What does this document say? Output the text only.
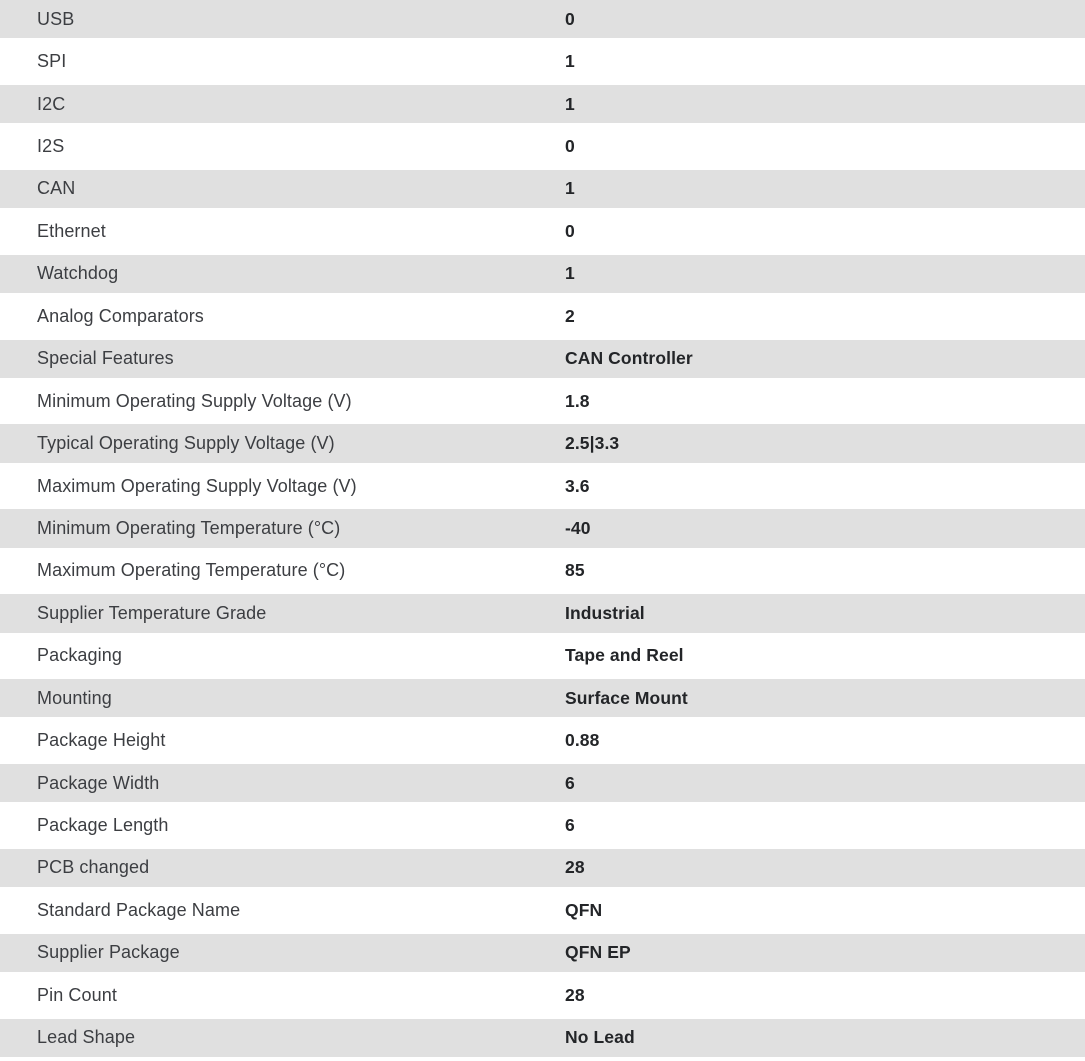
USB	0
SPI	1
I2C	1
I2S	0
CAN	1
Ethernet	0
Watchdog	1
Analog Comparators	2
Special Features	CAN Controller
Minimum Operating Supply Voltage (V)	1.8
Typical Operating Supply Voltage (V)	2.5|3.3
Maximum Operating Supply Voltage (V)	3.6
Minimum Operating Temperature (°C)	-40
Maximum Operating Temperature (°C)	85
Supplier Temperature Grade	Industrial
Packaging	Tape and Reel
Mounting	Surface Mount
Package Height	0.88
Package Width	6
Package Length	6
PCB changed	28
Standard Package Name	QFN
Supplier Package	QFN EP
Pin Count	28
Lead Shape	No Lead
